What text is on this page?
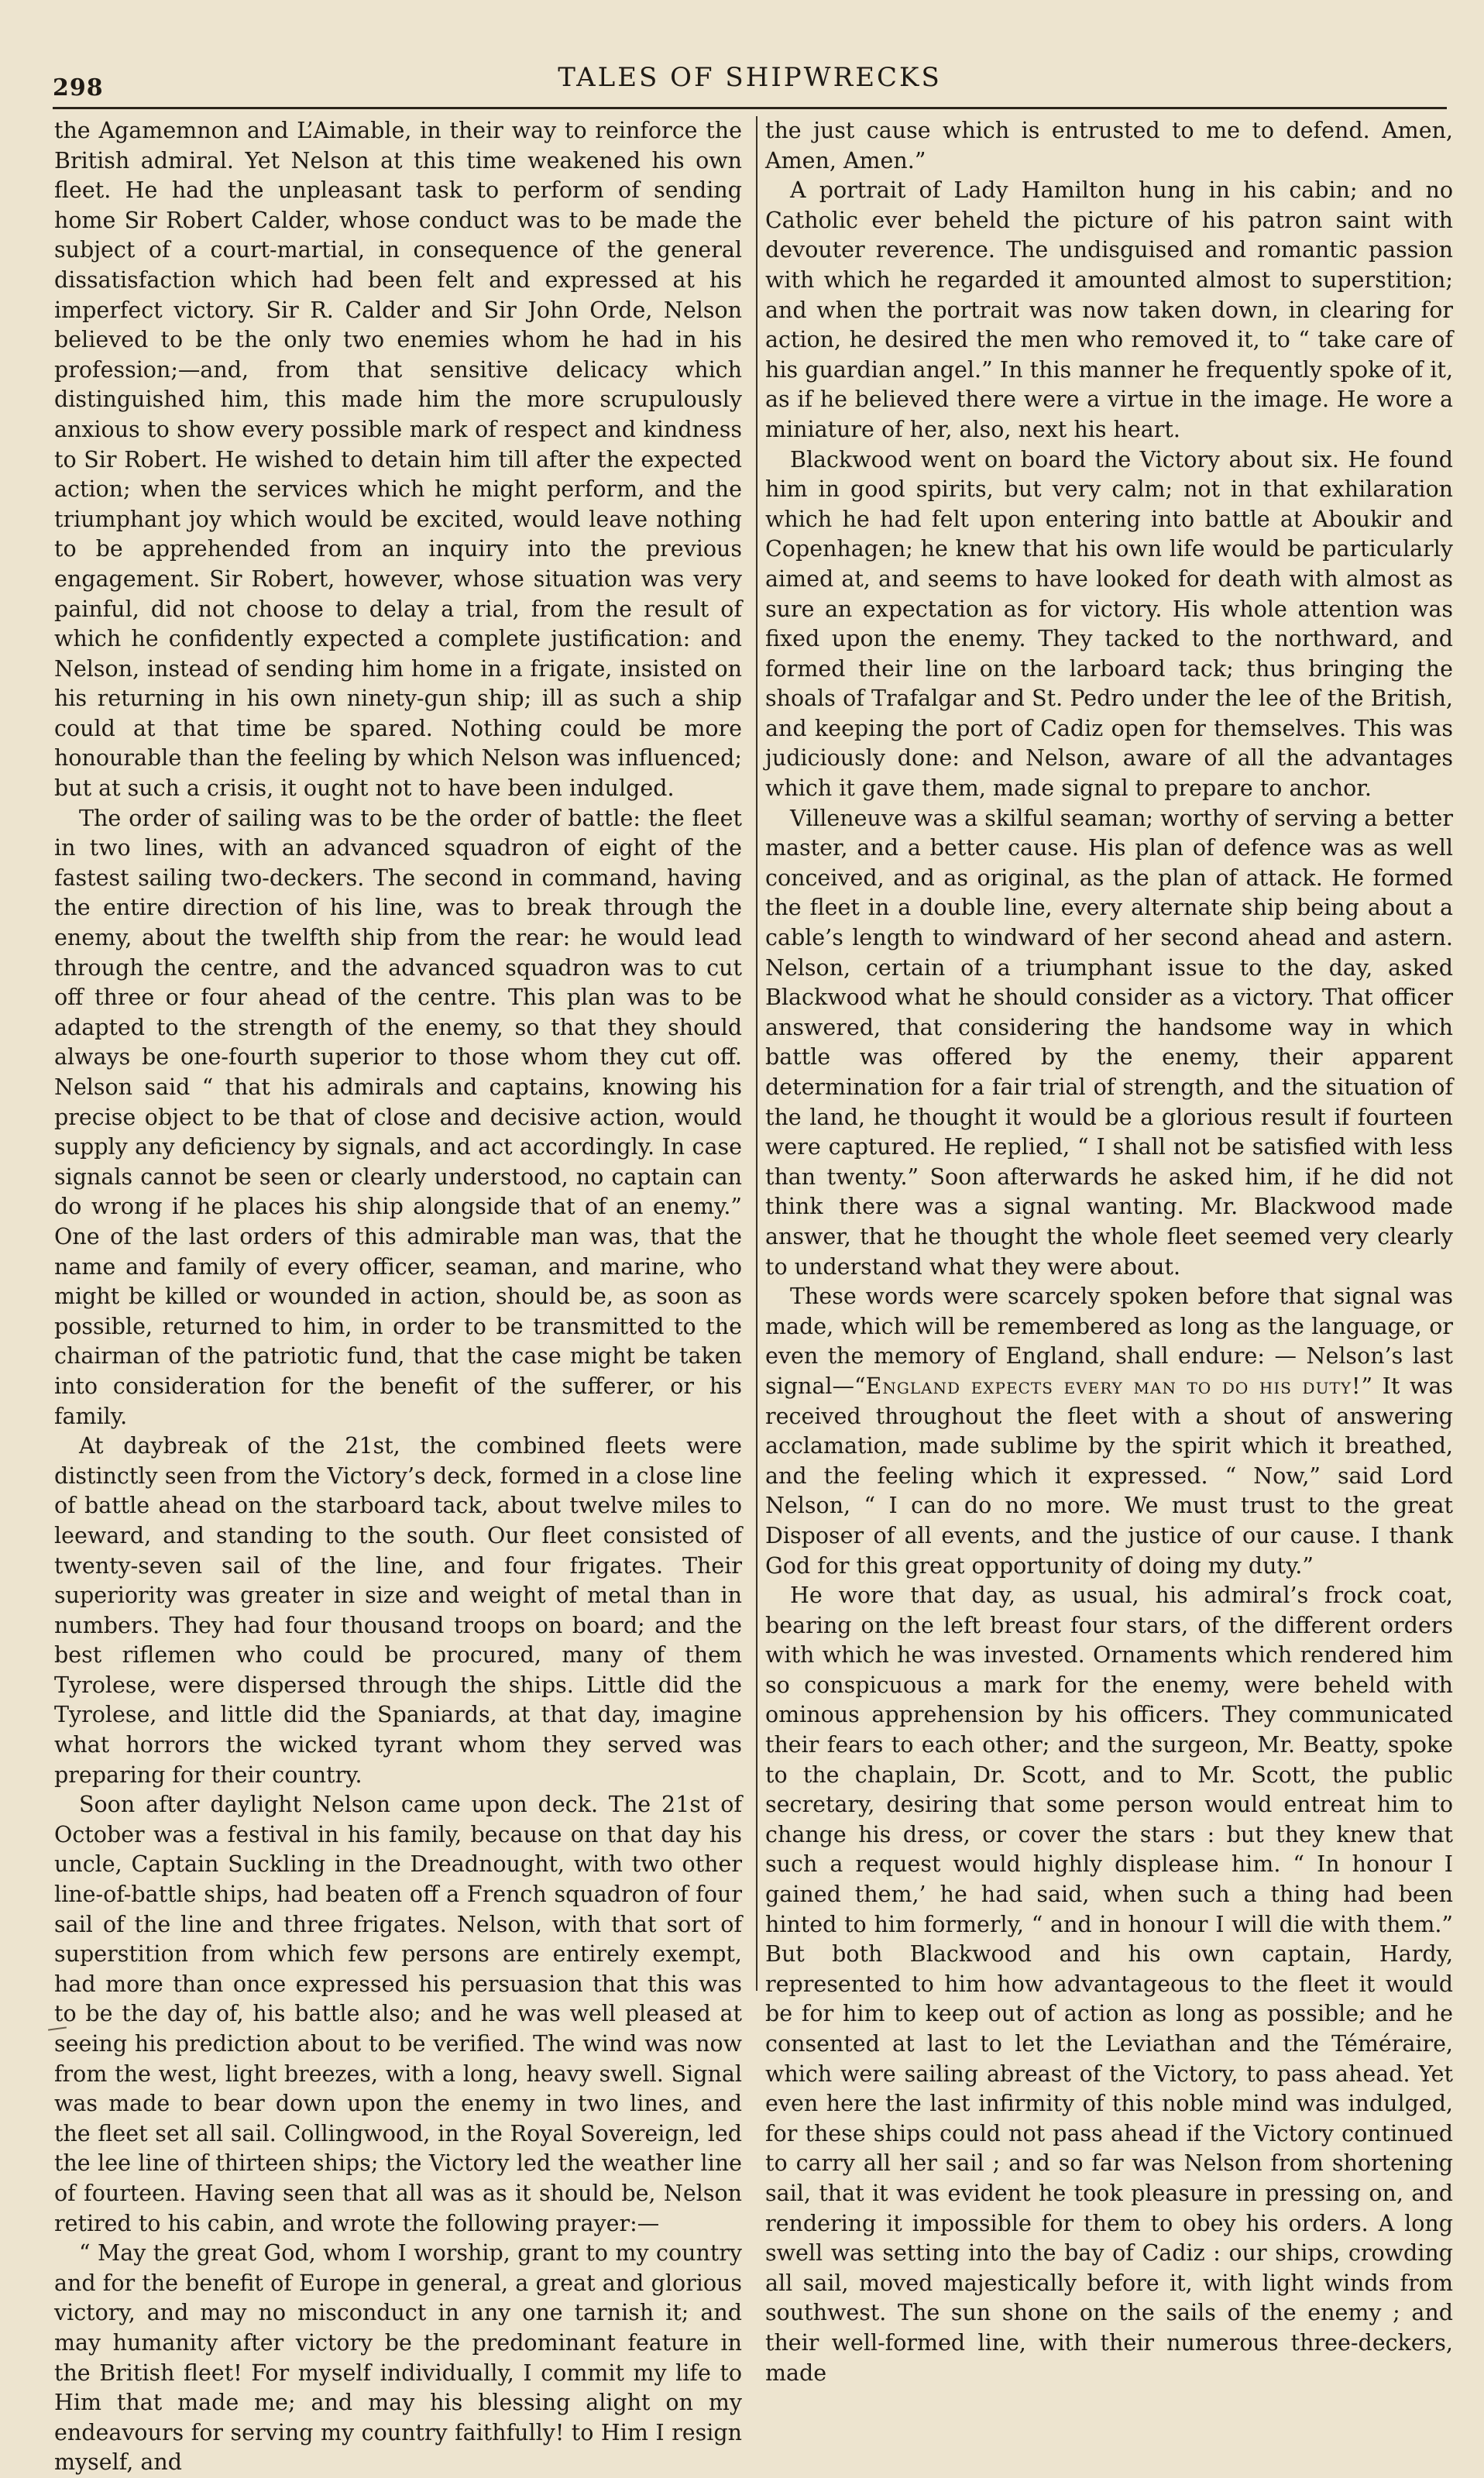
298	TALES OF SHIPWRECKS

the Agamemnon and L’Aimable, in their way to reinforce the British admiral. Yet Nelson at this time weakened his own fleet. He had the unpleasant task to perform of sending home Sir Robert Calder, whose conduct was to be made the subject of a court-martial, in consequence of the general dissatisfaction which had been felt and expressed at his imperfect victory. Sir R. Calder and Sir John Orde, Nelson believed to be the only two enemies whom he had in his profession;—and, from that sensitive delicacy which distinguished him, this made him the more scrupulously anxious to show every possible mark of respect and kindness to Sir Robert. He wished to detain him till after the expected action; when the services which he might perform, and the triumphant joy which would be excited, would leave nothing to be apprehended from an inquiry into the previous engagement. Sir Robert, however, whose situation was very painful, did not choose to delay a trial, from the result of which he confidently expected a complete justification: and Nelson, instead of sending him home in a frigate, insisted on his returning in his own ninety-gun ship; ill as such a ship could at that time be spared. Nothing could be more honourable than the feeling by which Nelson was influenced; but at such a crisis, it ought not to have been indulged.

The order of sailing was to be the order of battle: the fleet in two lines, with an advanced squadron of eight of the fastest sailing two-deckers. The second in command, having the entire direction of his line, was to break through the enemy, about the twelfth ship from the rear: he would lead through the centre, and the advanced squadron was to cut off three or four ahead of the centre. This plan was to be adapted to the strength of the enemy, so that they should always be one-fourth superior to those whom they cut off. Nelson said “ that his admirals and captains, knowing his precise object to be that of close and decisive action, would supply any deficiency by signals, and act accordingly. In case signals cannot be seen or clearly understood, no captain can do wrong if he places his ship alongside that of an enemy.” One of the last orders of this admirable man was, that the name and family of every officer, seaman, and marine, who might be killed or wounded in action, should be, as soon as possible, returned to him, in order to be transmitted to the chairman of the patriotic fund, that the case might be taken into consideration for the benefit of the sufferer, or his family.

At daybreak of the 21st, the combined fleets were distinctly seen from the Victory’s deck, formed in a close line of battle ahead on the starboard tack, about twelve miles to leeward, and standing to the south. Our fleet consisted of twenty-seven sail of the line, and four frigates. Their superiority was greater in size and weight of metal than in numbers. They had four thousand troops on board; and the best riflemen who could be procured, many of them Tyrolese, were dispersed through the ships. Little did the Tyrolese, and little did the Spaniards, at that day, imagine what horrors the wicked tyrant whom they served was preparing for their country.

Soon after daylight Nelson came upon deck. The 21st of October was a festival in his family, because on that day his uncle, Captain Suckling in the Dreadnought, with two other line-of-battle ships, had beaten off a French squadron of four sail of the line and three frigates. Nelson, with that sort of superstition from which few persons are entirely exempt, had more than once expressed his persuasion that this was to be the day of, his battle also; and he was well pleased at seeing his prediction about to be verified. The wind was now from the west, light breezes, with a long, heavy swell. Signal was made to bear down upon the enemy in two lines, and the fleet set all sail. Collingwood, in the Royal Sovereign, led the lee line of thirteen ships; the Victory led the weather line of fourteen. Having seen that all was as it should be, Nelson retired to his cabin, and wrote the following prayer:—

“ May the great God, whom I worship, grant to my country and for the benefit of Europe in general, a great and glorious victory, and may no misconduct in any one tarnish it; and may humanity after victory be the predominant feature in the British fleet! For myself individually, I commit my life to Him that made me; and may his blessing alight on my endeavours for serving my country faithfully! to Him I resign myself, and

the just cause which is entrusted to me to defend. Amen, Amen, Amen.”

A portrait of Lady Hamilton hung in his cabin; and no Catholic ever beheld the picture of his patron saint with devouter reverence. The undisguised and romantic passion with which he regarded it amounted almost to superstition; and when the portrait was now taken down, in clearing for action, he desired the men who removed it, to “ take care of his guardian angel.” In this manner he frequently spoke of it, as if he believed there were a virtue in the image. He wore a miniature of her, also, next his heart.

Blackwood went on board the Victory about six. He found him in good spirits, but very calm; not in that exhilaration which he had felt upon entering into battle at Aboukir and Copenhagen; he knew that his own life would be particularly aimed at, and seems to have looked for death with almost as sure an expectation as for victory. His whole attention was fixed upon the enemy. They tacked to the northward, and formed their line on the larboard tack; thus bringing the shoals of Trafalgar and St. Pedro under the lee of the British, and keeping the port of Cadiz open for themselves. This was judiciously done: and Nelson, aware of all the advantages which it gave them, made signal to prepare to anchor.

Villeneuve was a skilful seaman; worthy of serving a better master, and a better cause. His plan of defence was as well conceived, and as original, as the plan of attack. He formed the fleet in a double line, every alternate ship being about a cable’s length to windward of her second ahead and astern. Nelson, certain of a triumphant issue to the day, asked Blackwood what he should consider as a victory. That officer answered, that considering the handsome way in which battle was offered by the enemy, their apparent determination for a fair trial of strength, and the situation of the land, he thought it would be a glorious result if fourteen were captured. He replied, “ I shall not be satisfied with less than twenty.” Soon afterwards he asked him, if he did not think there was a signal wanting. Mr. Blackwood made answer, that he thought the whole fleet seemed very clearly to understand what they were about.

These words were scarcely spoken before that signal was made, which will be remembered as long as the language, or even the memory of England, shall endure: — Nelson’s last signal—“England expects every man to do his duty!” It was received throughout the fleet with a shout of answering acclamation, made sublime by the spirit which it breathed, and the feeling which it expressed. “ Now,” said Lord Nelson, “ I can do no more. We must trust to the great Disposer of all events, and the justice of our cause. I thank God for this great opportunity of doing my duty.”

He wore that day, as usual, his admiral’s frock coat, bearing on the left breast four stars, of the different orders with which he was invested. Ornaments which rendered him so conspicuous a mark for the enemy, were beheld with ominous apprehension by his officers. They communicated their fears to each other; and the surgeon, Mr. Beatty, spoke to the chaplain, Dr. Scott, and to Mr. Scott, the public secretary, desiring that some person would entreat him to change his dress, or cover the stars : but they knew that such a request would highly displease him. “ In honour I gained them,’ he had said, when such a thing had been hinted to him formerly, “ and in honour I will die with them.” But both Blackwood and his own captain, Hardy, represented to him how advantageous to the fleet it would be for him to keep out of action as long as possible; and he consented at last to let the Leviathan and the Téméraire, which were sailing abreast of the Victory, to pass ahead. Yet even here the last infirmity of this noble mind was indulged, for these ships could not pass ahead if the Victory continued to carry all her sail ; and so far was Nelson from shortening sail, that it was evident he took pleasure in pressing on, and rendering it impossible for them to obey his orders. A long swell was setting into the bay of Cadiz : our ships, crowding all sail, moved majestically before it, with light winds from southwest. The sun shone on the sails of the enemy ; and their well-formed line, with their numerous three-deckers, made
